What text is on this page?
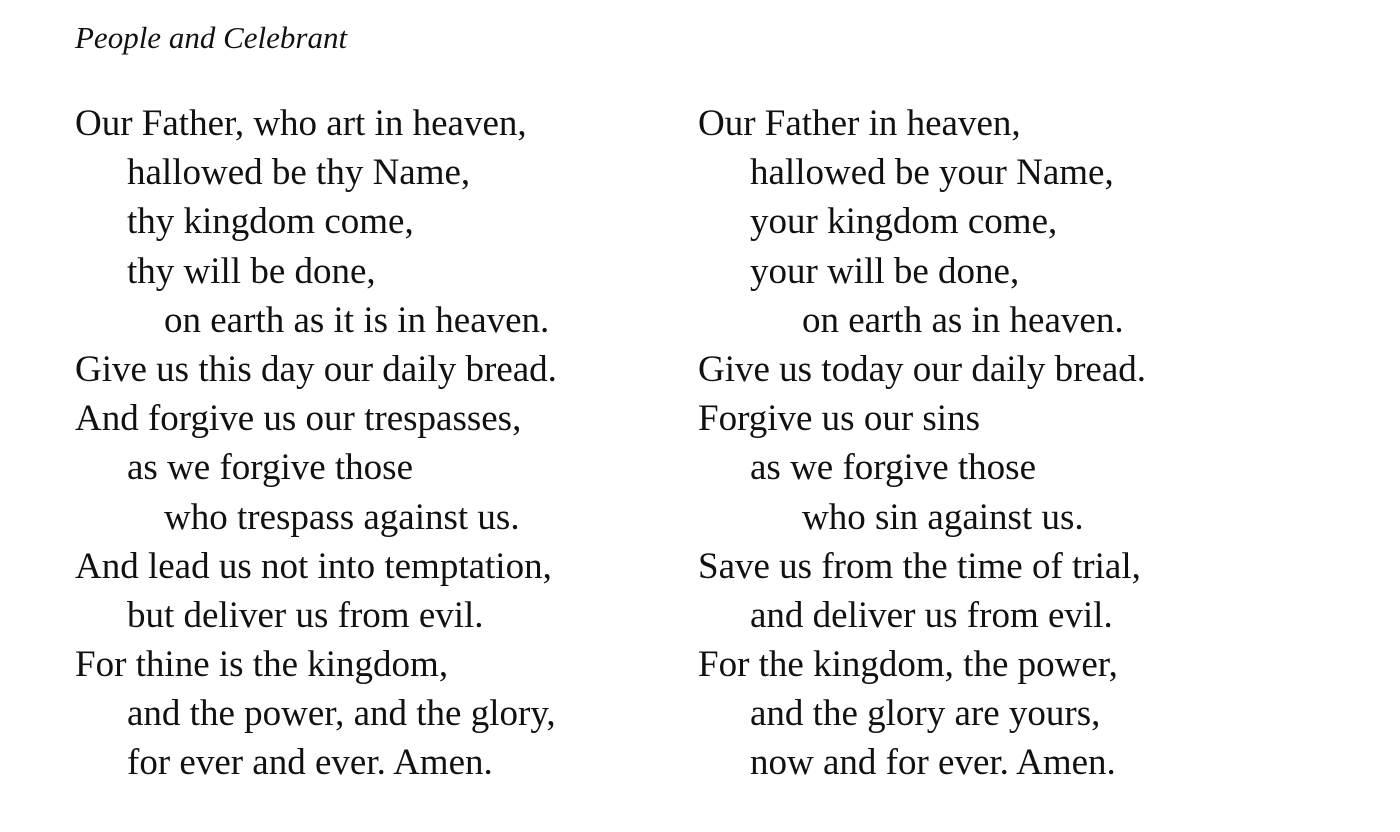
People and Celebrant
Our Father, who art in heaven,
hallowed be thy Name,
thy kingdom come,
thy will be done,
on earth as it is in heaven.
Give us this day our daily bread.
And forgive us our trespasses,
as we forgive those
who trespass against us.
And lead us not into temptation,
but deliver us from evil.
For thine is the kingdom,
and the power, and the glory,
for ever and ever. Amen.
Our Father in heaven,
hallowed be your Name,
your kingdom come,
your will be done,
on earth as in heaven.
Give us today our daily bread.
Forgive us our sins
as we forgive those
who sin against us.
Save us from the time of trial,
and deliver us from evil.
For the kingdom, the power,
and the glory are yours,
now and for ever. Amen.
